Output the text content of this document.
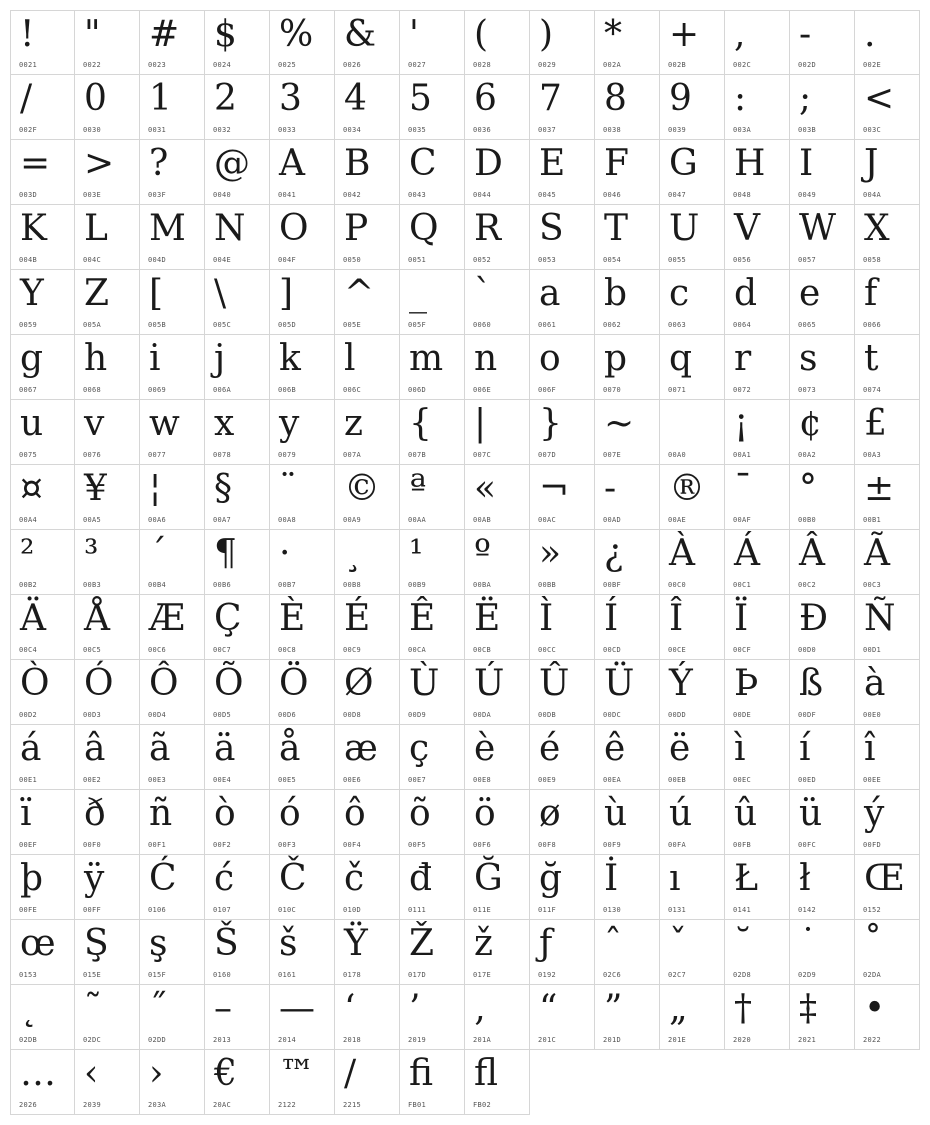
!
0021
"
0022
#
0023
$
0024
%
0025
&
0026
'
0027
(
0028
)
0029
*
002A
+
002B
,
002C
-
002D
.
002E
/
002F
0
0030
1
0031
2
0032
3
0033
4
0034
5
0035
6
0036
7
0037
8
0038
9
0039
:
003A
;
003B
<
003C
=
003D
>
003E
?
003F
@
0040
A
0041
B
0042
C
0043
D
0044
E
0045
F
0046
G
0047
H
0048
I
0049
J
004A
K
004B
L
004C
M
004D
N
004E
O
004F
P
0050
Q
0051
R
0052
S
0053
T
0054
U
0055
V
0056
W
0057
X
0058
Y
0059
Z
005A
[
005B
\
005C
]
005D
^
005E
_
005F
`
0060
a
0061
b
0062
c
0063
d
0064
e
0065
f
0066
g
0067
h
0068
i
0069
j
006A
k
006B
l
006C
m
006D
n
006E
o
006F
p
0070
q
0071
r
0072
s
0073
t
0074
u
0075
v
0076
w
0077
x
0078
y
0079
z
007A
{
007B
|
007C
}
007D
~
007E
	00A0
¡
00A1
¢
00A2
£
00A3
¤
00A4
¥
00A5
¦
00A6
§
00A7
¨
00A8
©
00A9
ª
00AA
«
00AB
¬
00AC
-
00AD
®
00AE
¯
00AF
°
00B0
±
00B1
²
00B2
³
00B3
´
00B4
¶
00B6
·
00B7
¸
00B8
¹
00B9
º
00BA
»
00BB
¿
00BF
À
00C0
Á
00C1
Â
00C2
Ã
00C3
Ä
00C4
Å
00C5
Æ
00C6
Ç
00C7
È
00C8
É
00C9
Ê
00CA
Ë
00CB
Ì
00CC
Í
00CD
Î
00CE
Ï
00CF
Ð
00D0
Ñ
00D1
Ò
00D2
Ó
00D3
Ô
00D4
Õ
00D5
Ö
00D6
Ø
00D8
Ù
00D9
Ú
00DA
Û
00DB
Ü
00DC
Ý
00DD
Þ
00DE
ß
00DF
à
00E0
á
00E1
â
00E2
ã
00E3
ä
00E4
å
00E5
æ
00E6
ç
00E7
è
00E8
é
00E9
ê
00EA
ë
00EB
ì
00EC
í
00ED
î
00EE
ï
00EF
ð
00F0
ñ
00F1
ò
00F2
ó
00F3
ô
00F4
õ
00F5
ö
00F6
ø
00F8
ù
00F9
ú
00FA
û
00FB
ü
00FC
ý
00FD
þ
00FE
ÿ
00FF
Ć
0106
ć
0107
Č
010C
č
010D
đ
0111
Ğ
011E
ğ
011F
İ
0130
ı
0131
Ł
0141
ł
0142
Œ
0152
œ
0153
Ş
015E
ş
015F
Š
0160
š
0161
Ÿ
0178
Ž
017D
ž
017E
ƒ
0192
ˆ
02C6
ˇ
02C7
˘
02D8
˙
02D9
˚
02DA
˛
02DB
˜
02DC
˝
02DD
–
2013
—
2014
‘
2018
’
2019
‚
201A
“
201C
”
201D
„
201E
†
2020
‡
2021
•
2022
…
2026
‹
2039
›
203A
€
20AC
™
2122
∕
2215
ﬁ
FB01
ﬂ
FB02
